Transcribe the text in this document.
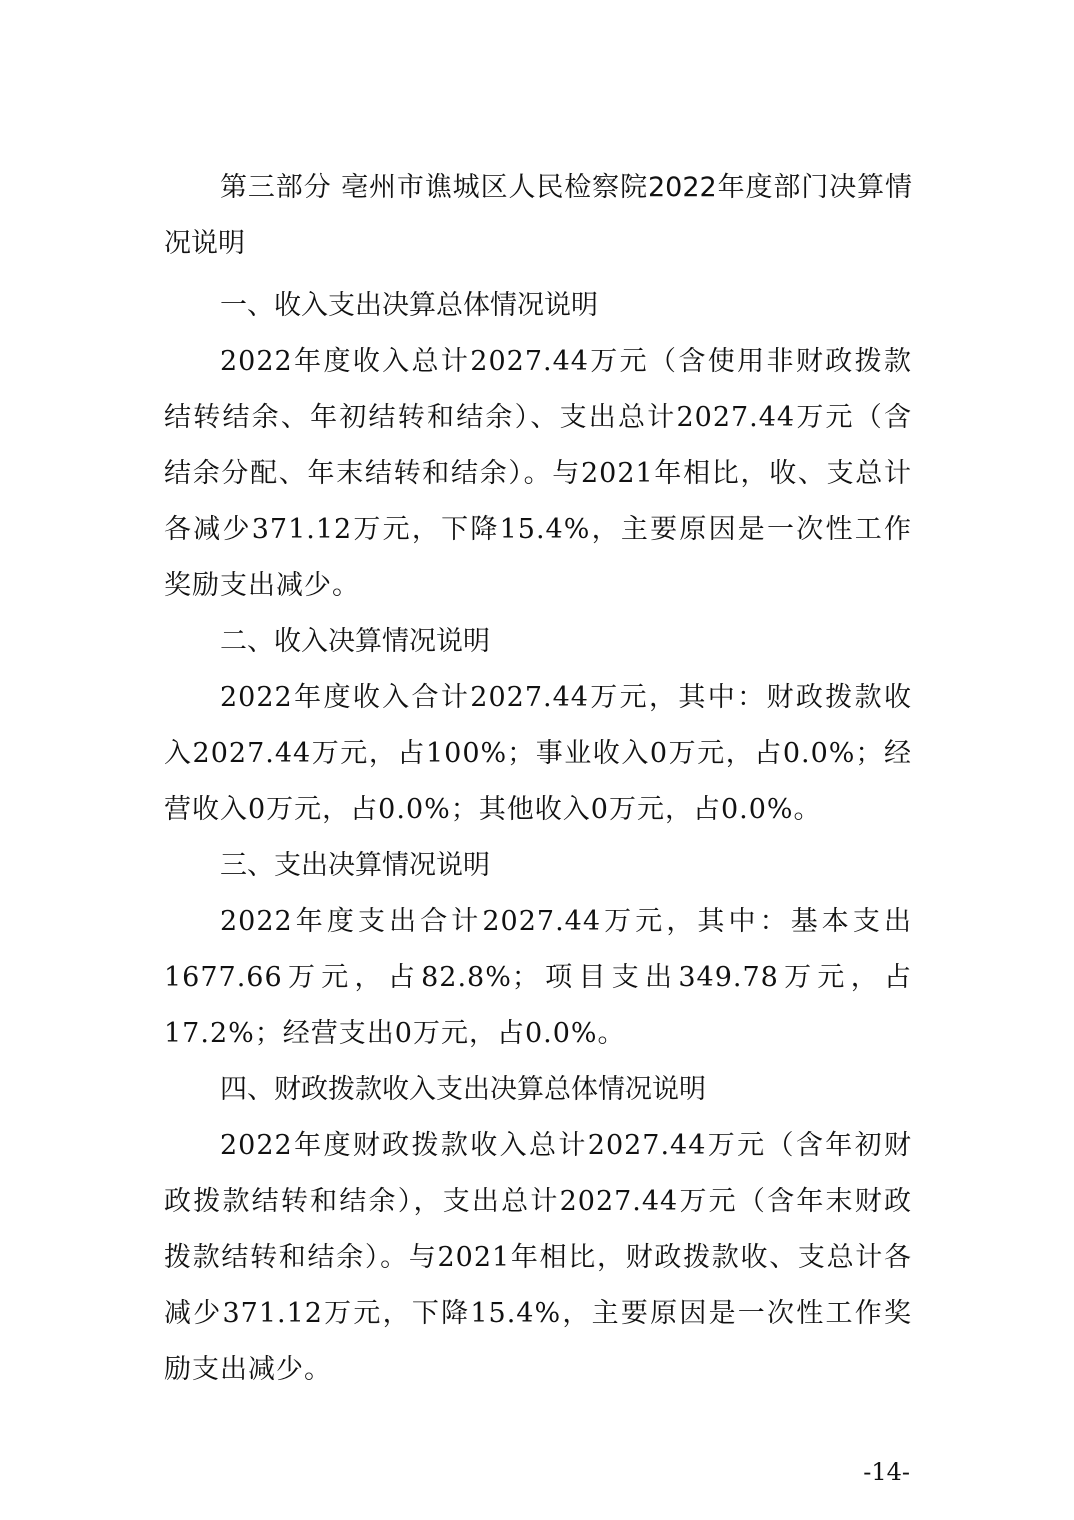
第三部分 亳州市谯城区人民检察院2022年度部门决算情况说明

一、收入支出决算总体情况说明

2022年度收入总计2027.44万元（含使用非财政拨款结转结余、年初结转和结余）、支出总计2027.44万元（含结余分配、年末结转和结余）。与2021年相比，收、支总计各减少371.12万元，下降15.4%，主要原因是一次性工作奖励支出减少。

二、收入决算情况说明

2022年度收入合计2027.44万元，其中：财政拨款收入2027.44万元，占100%；事业收入0万元，占0.0%；经营收入0万元，占0.0%；其他收入0万元，占0.0%。

三、支出决算情况说明

2022年度支出合计2027.44万元，其中：基本支出1677.66万元，占82.8%；项目支出349.78万元，占17.2%；经营支出0万元，占0.0%。

四、财政拨款收入支出决算总体情况说明

2022年度财政拨款收入总计2027.44万元（含年初财政拨款结转和结余），支出总计2027.44万元（含年末财政拨款结转和结余）。与2021年相比，财政拨款收、支总计各减少371.12万元，下降15.4%，主要原因是一次性工作奖励支出减少。

-14-
